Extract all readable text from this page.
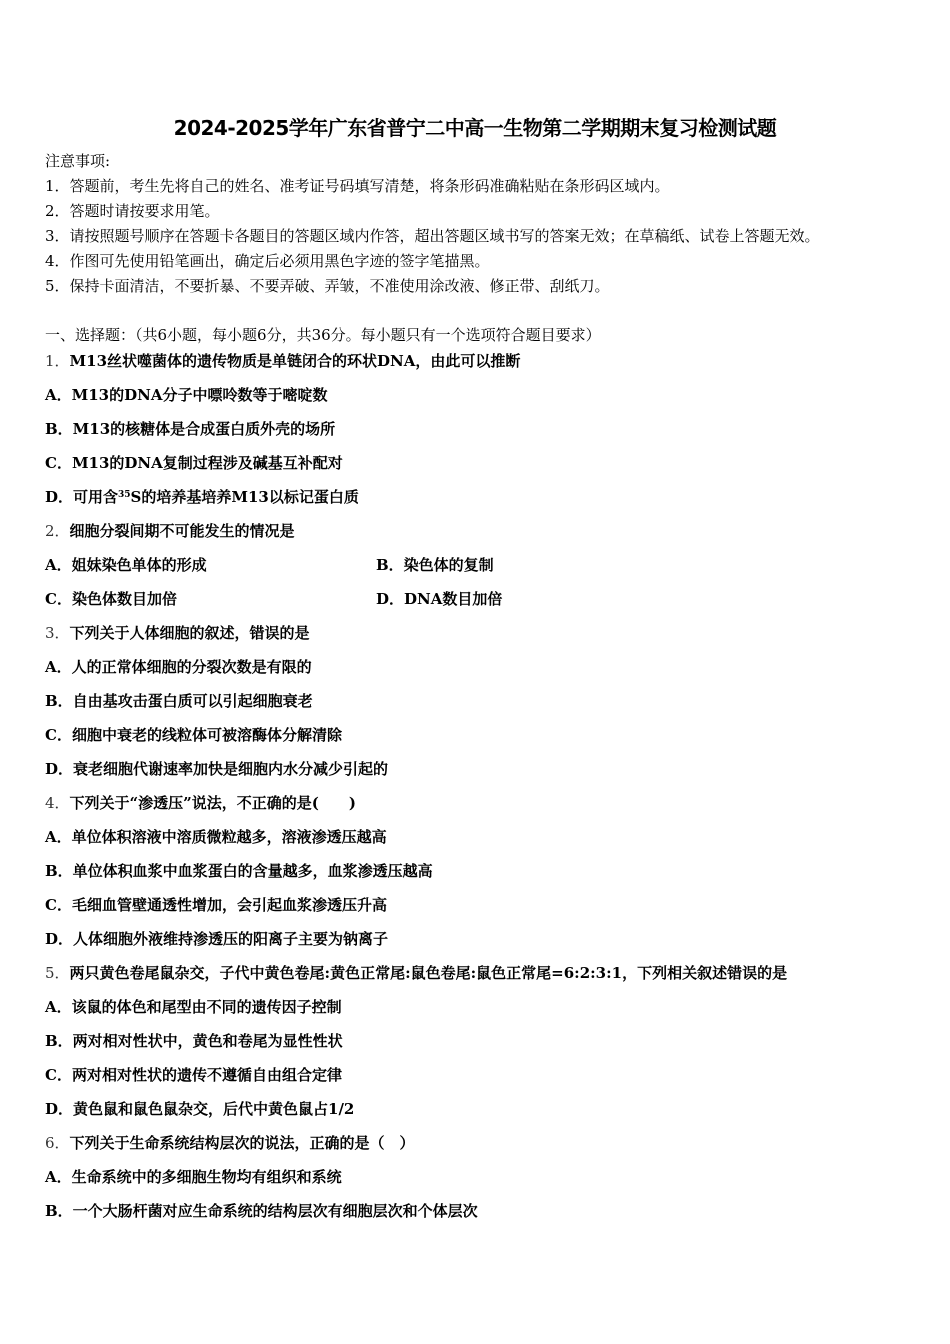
2024-2025学年广东省普宁二中高一生物第二学期期末复习检测试题
注意事项:
1．答题前，考生先将自己的姓名、准考证号码填写清楚，将条形码准确粘贴在条形码区域内。
2．答题时请按要求用笔。
3．请按照题号顺序在答题卡各题目的答题区域内作答，超出答题区域书写的答案无效；在草稿纸、试卷上答题无效。
4．作图可先使用铅笔画出，确定后必须用黑色字迹的签字笔描黑。
5．保持卡面清洁，不要折暴、不要弄破、弄皱，不准使用涂改液、修正带、刮纸刀。
一、选择题：（共6小题，每小题6分，共36分。每小题只有一个选项符合题目要求）
1．M13丝状噬菌体的遗传物质是单链闭合的环状DNA，由此可以推断
A．M13的DNA分子中嘌呤数等于嘧啶数
B．M13的核糖体是合成蛋白质外壳的场所
C．M13的DNA复制过程涉及碱基互补配对
D．可用含$^{35}$S的培养基培养M13以标记蛋白质
2．细胞分裂间期不可能发生的情况是
A．姐妹染色单体的形成	B．染色体的复制
C．染色体数目加倍	D．DNA数目加倍
3．下列关于人体细胞的叙述，错误的是
A．人的正常体细胞的分裂次数是有限的
B．自由基攻击蛋白质可以引起细胞衰老
C．细胞中衰老的线粒体可被溶酶体分解清除
D．衰老细胞代谢速率加快是细胞内水分减少引起的
4．下列关于“渗透压”说法，不正确的是(　　)
A．单位体积溶液中溶质微粒越多，溶液渗透压越高
B．单位体积血浆中血浆蛋白的含量越多，血浆渗透压越高
C．毛细血管壁通透性增加，会引起血浆渗透压升高
D．人体细胞外液维持渗透压的阳离子主要为钠离子
5．两只黄色卷尾鼠杂交，子代中黄色卷尾:黄色正常尾:鼠色卷尾:鼠色正常尾=6:2:3:1，下列相关叙述错误的是
A．该鼠的体色和尾型由不同的遗传因子控制
B．两对相对性状中，黄色和卷尾为显性性状
C．两对相对性状的遗传不遵循自由组合定律
D．黄色鼠和鼠色鼠杂交，后代中黄色鼠占1/2
6．下列关于生命系统结构层次的说法，正确的是（　）
A．生命系统中的多细胞生物均有组织和系统
B．一个大肠杆菌对应生命系统的结构层次有细胞层次和个体层次
